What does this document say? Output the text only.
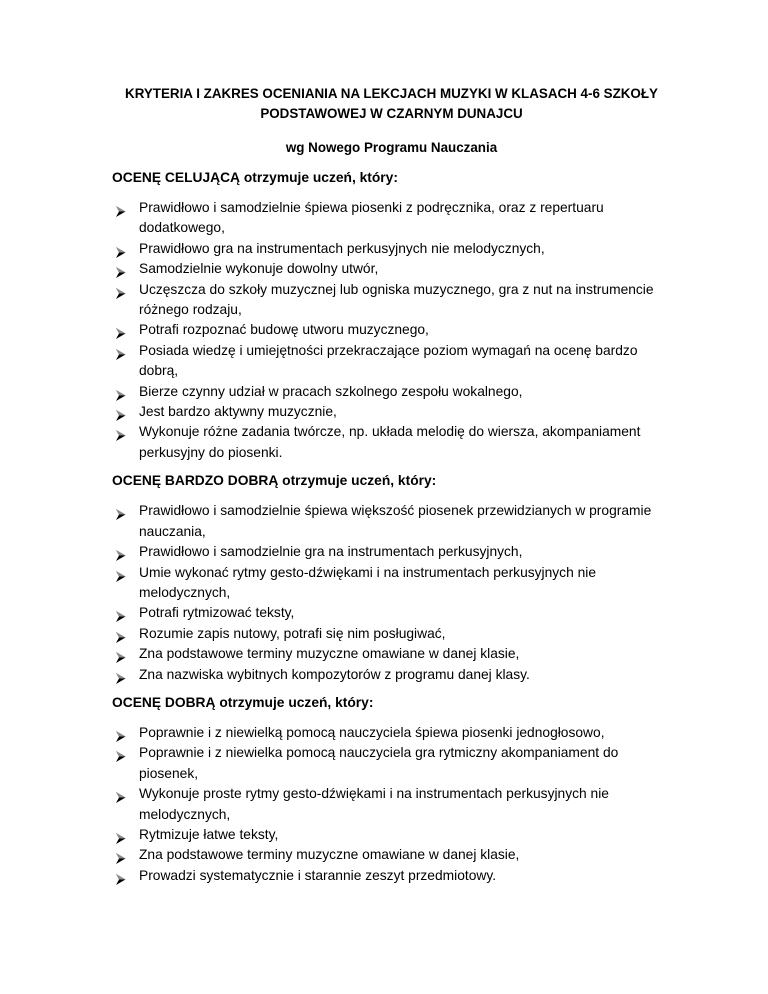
KRYTERIA I ZAKRES OCENIANIA NA LEKCJACH MUZYKI W KLASACH 4-6 SZKOŁY PODSTAWOWEJ W CZARNYM DUNAJCU
wg Nowego Programu Nauczania
OCENĘ CELUJĄCĄ otrzymuje uczeń, który:
Prawidłowo i samodzielnie śpiewa piosenki z podręcznika, oraz z repertuaru dodatkowego,
Prawidłowo gra na instrumentach perkusyjnych nie melodycznych,
Samodzielnie wykonuje dowolny utwór,
Uczęszcza do szkoły muzycznej lub ogniska muzycznego, gra z nut na instrumencie różnego rodzaju,
Potrafi rozpoznać budowę utworu muzycznego,
Posiada wiedzę i umiejętności przekraczające poziom wymagań na ocenę bardzo dobrą,
Bierze czynny udział w pracach szkolnego zespołu wokalnego,
Jest bardzo aktywny muzycznie,
Wykonuje różne zadania twórcze, np. układa melodię do wiersza, akompaniament perkusyjny do piosenki.
OCENĘ BARDZO DOBRĄ otrzymuje uczeń, który:
Prawidłowo i samodzielnie śpiewa większość piosenek przewidzianych w programie nauczania,
Prawidłowo i samodzielnie gra na instrumentach perkusyjnych,
Umie wykonać rytmy gesto-dźwiękami i na instrumentach perkusyjnych nie melodycznych,
Potrafi rytmizować teksty,
Rozumie zapis nutowy, potrafi się nim posługiwać,
Zna podstawowe terminy muzyczne omawiane w danej klasie,
Zna nazwiska wybitnych kompozytorów z programu danej klasy.
OCENĘ DOBRĄ otrzymuje uczeń, który:
Poprawnie i z niewielką pomocą nauczyciela śpiewa piosenki jednogłosowo,
Poprawnie i z niewielka pomocą nauczyciela gra rytmiczny akompaniament do piosenek,
Wykonuje proste rytmy gesto-dźwiękami i na instrumentach perkusyjnych nie melodycznych,
Rytmizuje łatwe teksty,
Zna podstawowe terminy muzyczne omawiane w danej klasie,
Prowadzi systematycznie i starannie zeszyt przedmiotowy.
